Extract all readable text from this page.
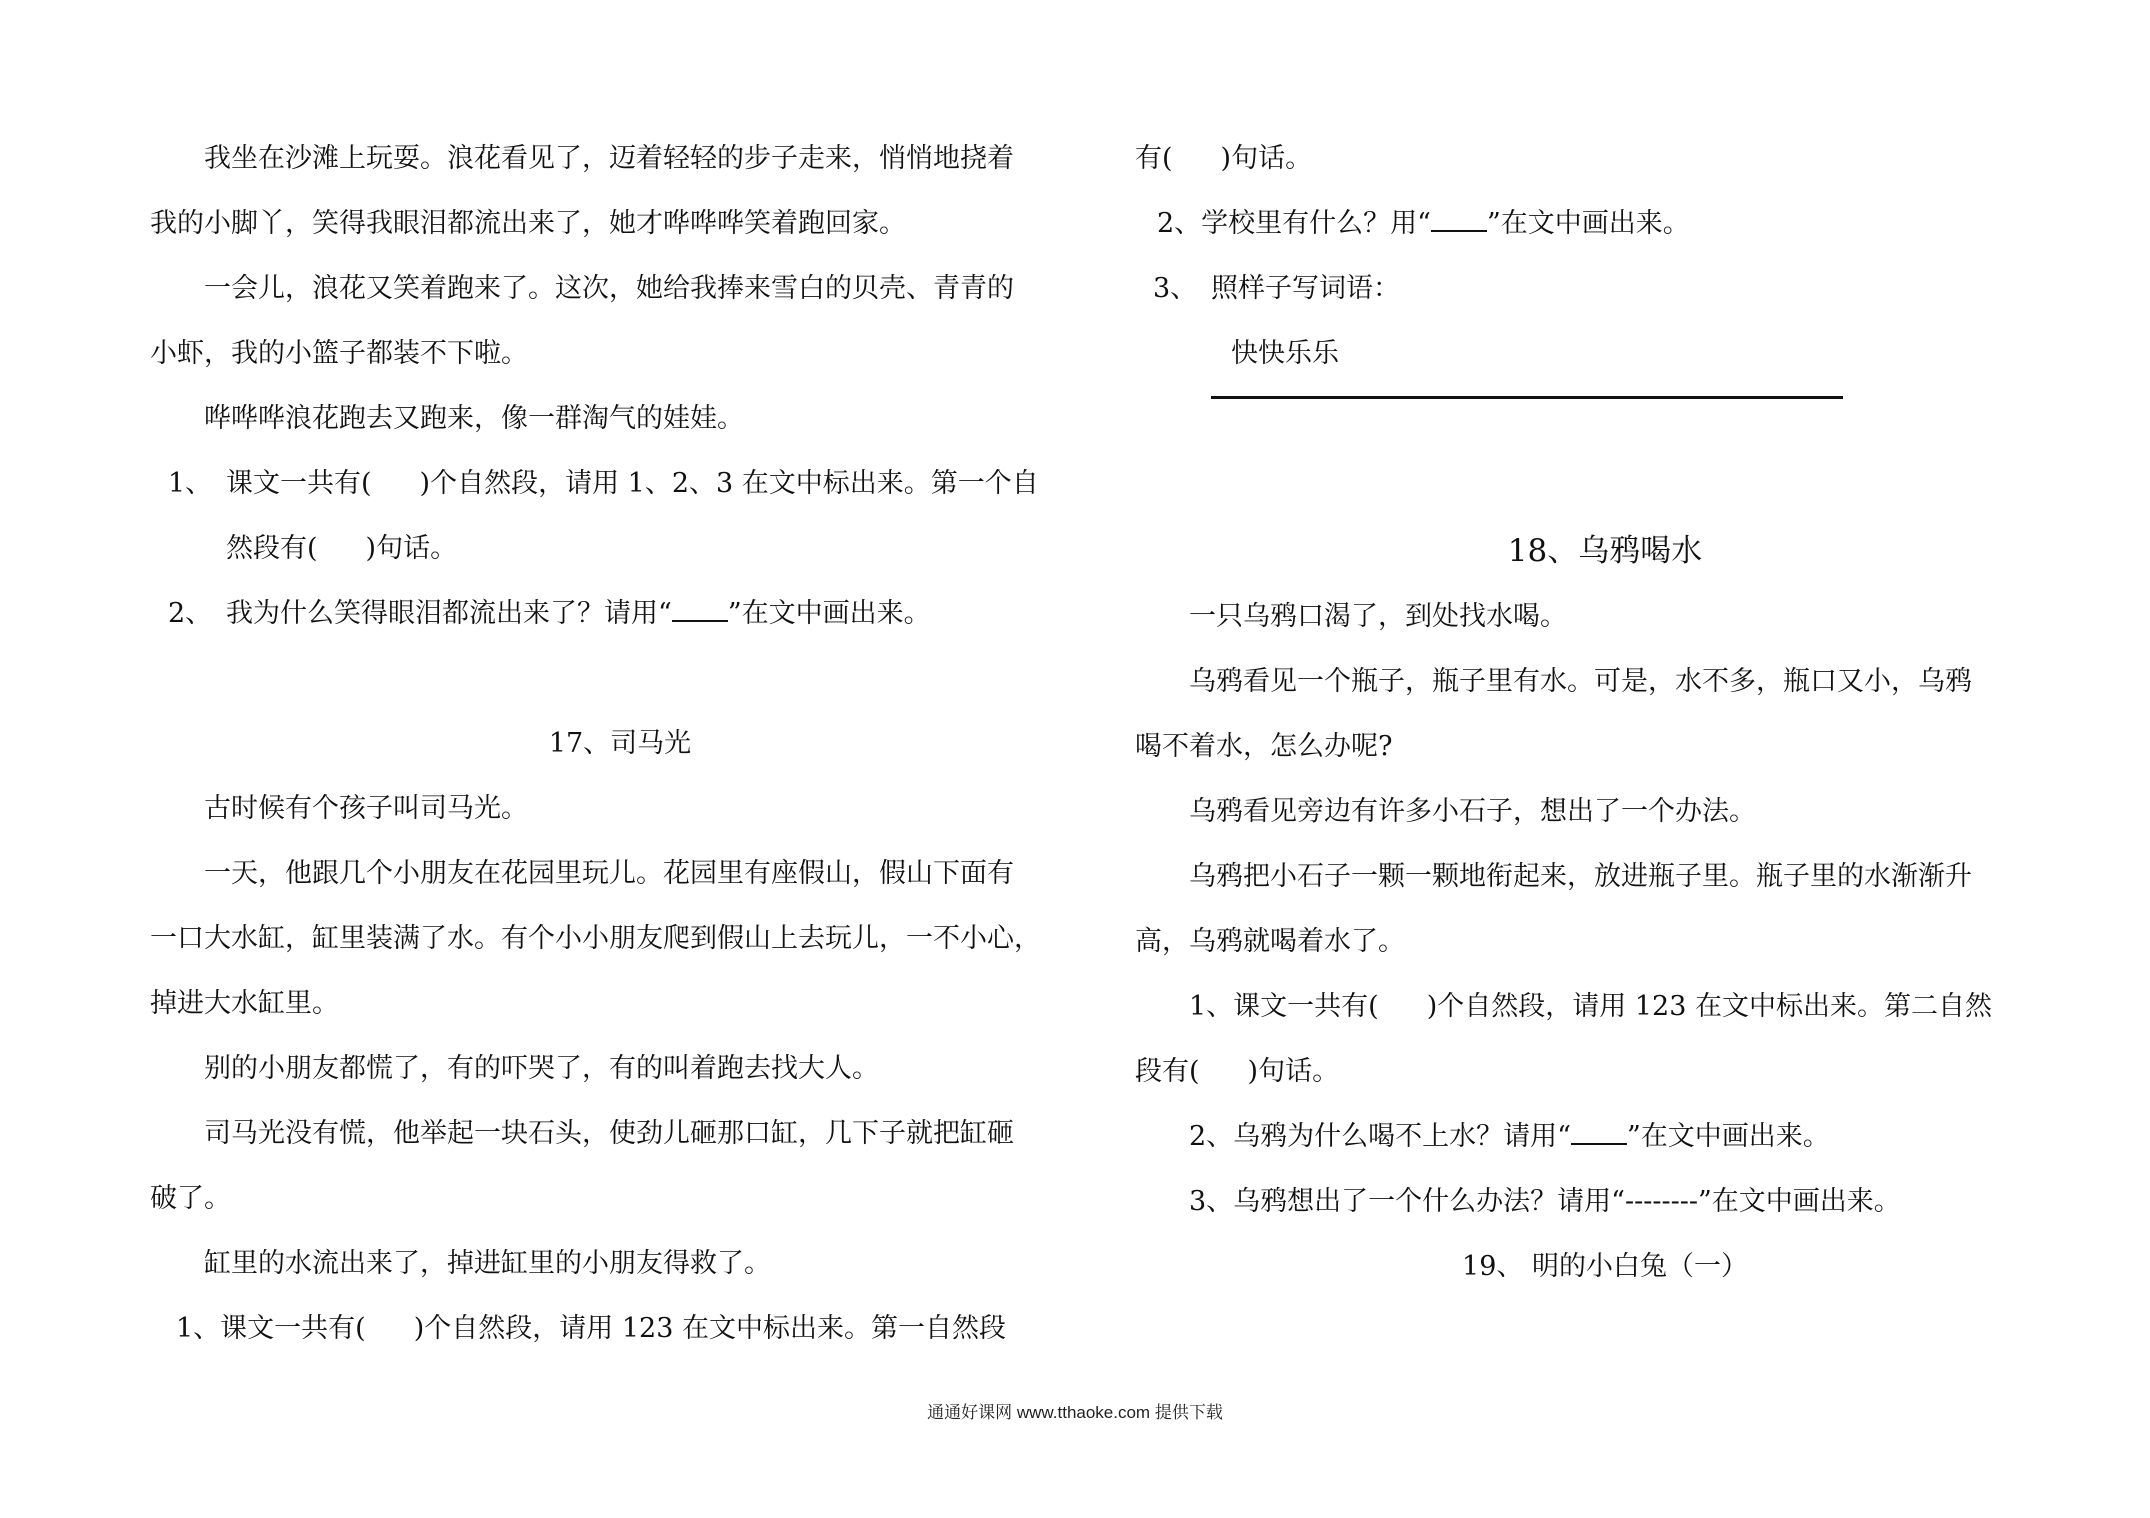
我坐在沙滩上玩耍。浪花看见了，迈着轻轻的步子走来，悄悄地挠着

我的小脚丫，笑得我眼泪都流出来了，她才哗哗哗笑着跑回家。

一会儿，浪花又笑着跑来了。这次，她给我捧来雪白的贝壳、青青的

小虾，我的小篮子都装不下啦。

哗哗哗浪花跑去又跑来，像一群淘气的娃娃。

1、 课文一共有( )个自然段，请用 1、2、3 在文中标出来。第一个自
然段有( )句话。
2、 我为什么笑得眼泪都流出来了？请用“ ”在文中画出来。

17、司马光

古时候有个孩子叫司马光。

一天，他跟几个小朋友在花园里玩儿。花园里有座假山，假山下面有

一口大水缸，缸里装满了水。有个小小朋友爬到假山上去玩儿，一不小心，

掉进大水缸里。

别的小朋友都慌了，有的吓哭了，有的叫着跑去找大人。

司马光没有慌，他举起一块石头，使劲儿砸那口缸，几下子就把缸砸

破了。

缸里的水流出来了，掉进缸里的小朋友得救了。

1、课文一共有( )个自然段，请用 123 在文中标出来。第一自然段

有( )句话。

2、学校里有什么？用“ ”在文中画出来。

3、 照样子写词语：

快快乐乐

18、乌鸦喝水

一只乌鸦口渴了，到处找水喝。

乌鸦看见一个瓶子，瓶子里有水。可是，水不多，瓶口又小，乌鸦

喝不着水，怎么办呢?

乌鸦看见旁边有许多小石子，想出了一个办法。

乌鸦把小石子一颗一颗地衔起来，放进瓶子里。瓶子里的水渐渐升

高，乌鸦就喝着水了。

1、课文一共有( )个自然段，请用 123 在文中标出来。第二自然

段有( )句话。

2、乌鸦为什么喝不上水？请用“ ”在文中画出来。

3、乌鸦想出了一个什么办法？请用“--------”在文中画出来。

19、 明的小白兔（一）

通通好课网 www.tthaoke.com 提供下载
